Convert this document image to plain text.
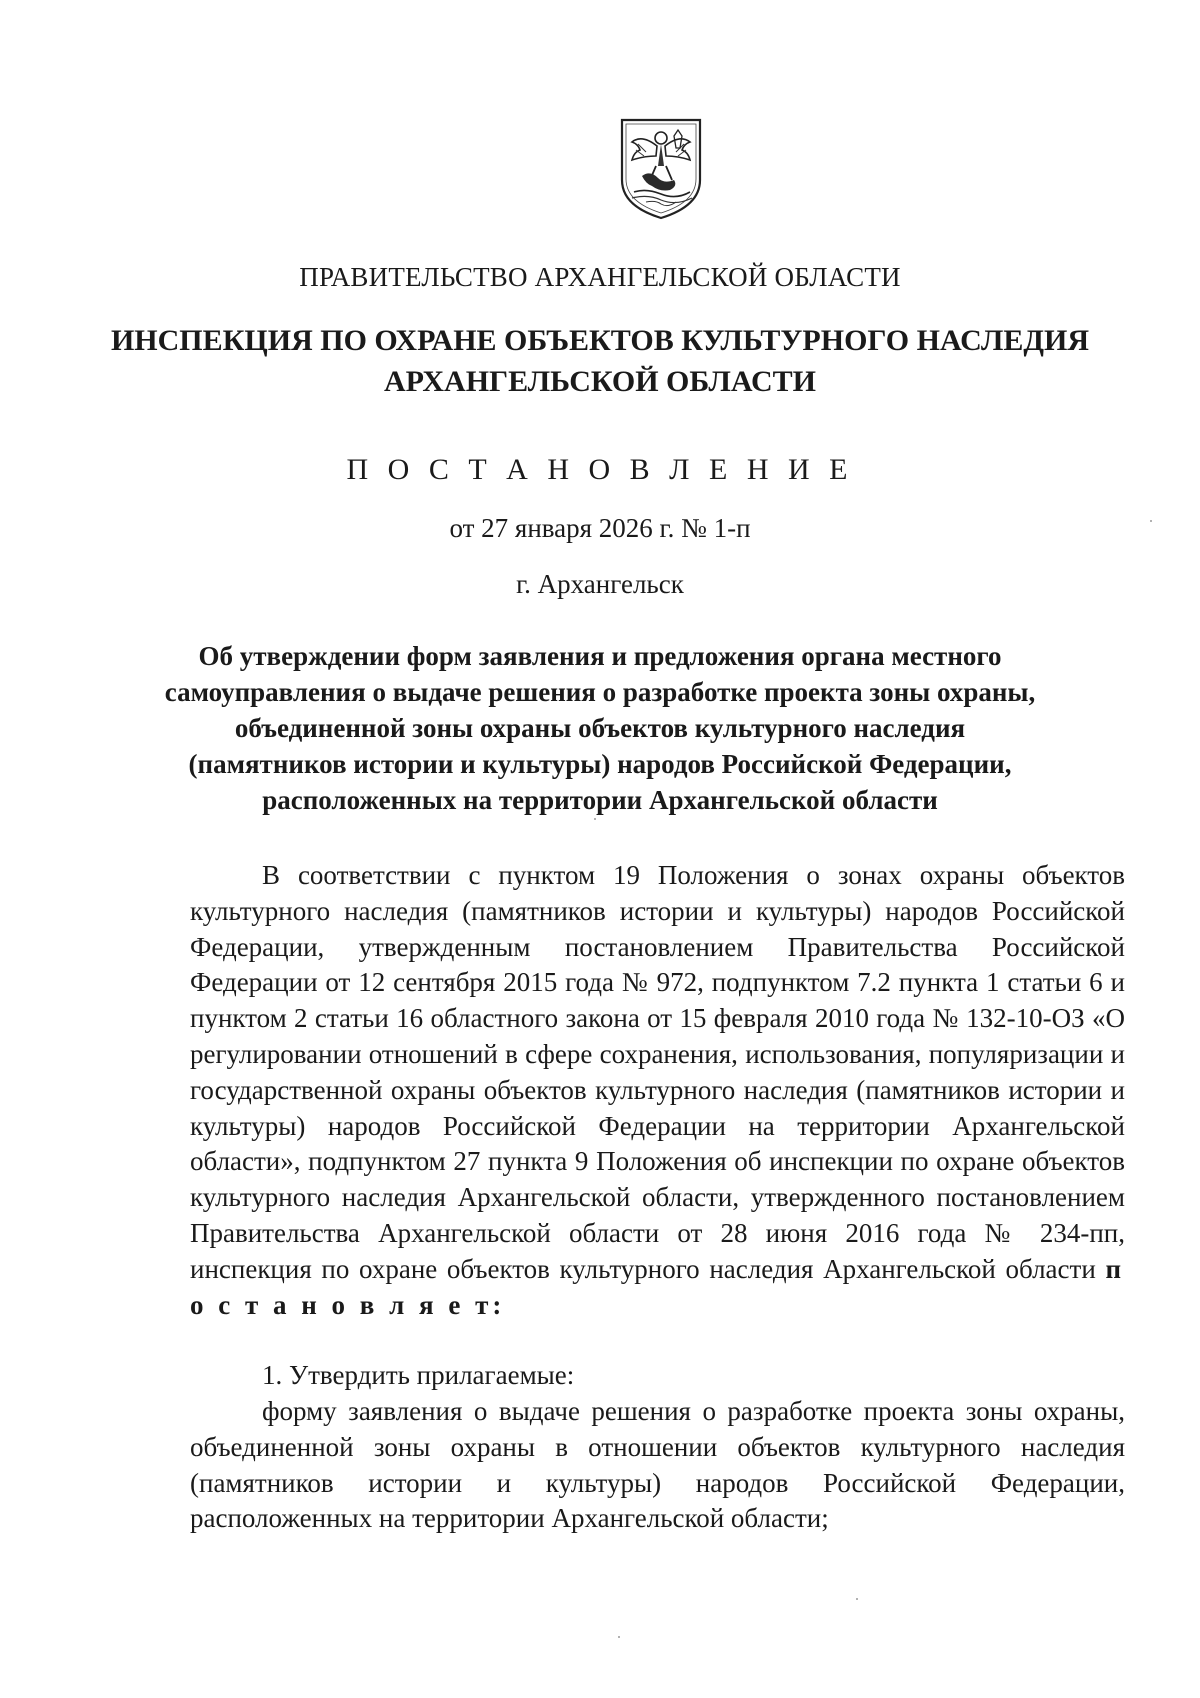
ПРАВИТЕЛЬСТВО АРХАНГЕЛЬСКОЙ ОБЛАСТИ
ИНСПЕКЦИЯ ПО ОХРАНЕ ОБЪЕКТОВ КУЛЬТУРНОГО НАСЛЕДИЯ
АРХАНГЕЛЬСКОЙ ОБЛАСТИ
П О С Т А Н О В Л Е Н И Е
от 27 января 2026 г. № 1-п
г. Архангельск
Об утверждении форм заявления и предложения органа местного
самоуправления о выдаче решения о разработке проекта зоны охраны,
объединенной зоны охраны объектов культурного наследия
(памятников истории и культуры) народов Российской Федерации,
расположенных на территории Архангельской области
В соответствии с пунктом 19 Положения о зонах охраны объектов культурного наследия (памятников истории и культуры) народов Российской Федерации, утвержденным постановлением Правительства Российской Федерации от 12 сентября 2015 года № 972, подпунктом 7.2 пункта 1 статьи 6 и пунктом 2 статьи 16 областного закона от 15 февраля 2010 года № 132-10-ОЗ «О регулировании отношений в сфере сохранения, использования, популяризации и государственной охраны объектов культурного наследия (памятников истории и культуры) народов Российской Федерации на территории Архангельской области», подпунктом 27 пункта 9 Положения об инспекции по охране объектов культурного наследия Архангельской области, утвержденного постановлением Правительства Архангельской области от 28 июня 2016 года № 234-пп, инспекция по охране объектов культурного наследия Архангельской области п о с т а н о в л я е т:
1. Утвердить прилагаемые:
форму заявления о выдаче решения о разработке проекта зоны охраны, объединенной зоны охраны в отношении объектов культурного наследия (памятников истории и культуры) народов Российской Федерации, расположенных на территории Архангельской области;
